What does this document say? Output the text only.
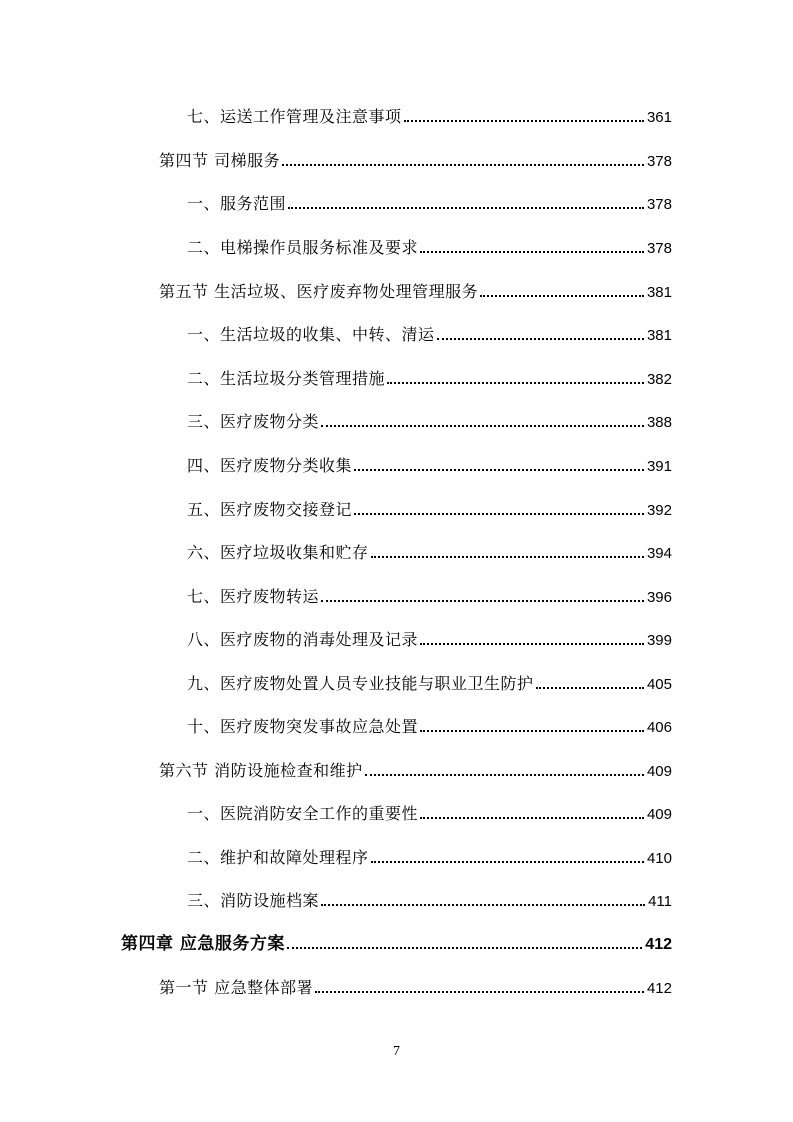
七、运送工作管理及注意事项	361
第四节 司梯服务	378
一、服务范围	378
二、电梯操作员服务标准及要求	378
第五节 生活垃圾、医疗废弃物处理管理服务	381
一、生活垃圾的收集、中转、清运	381
二、生活垃圾分类管理措施	382
三、医疗废物分类	388
四、医疗废物分类收集	391
五、医疗废物交接登记	392
六、医疗垃圾收集和贮存	394
七、医疗废物转运	396
八、医疗废物的消毒处理及记录	399
九、医疗废物处置人员专业技能与职业卫生防护	405
十、医疗废物突发事故应急处置	406
第六节 消防设施检查和维护	409
一、医院消防安全工作的重要性	409
二、维护和故障处理程序	410
三、消防设施档案	411
第四章 应急服务方案	412
第一节 应急整体部署	412
7
